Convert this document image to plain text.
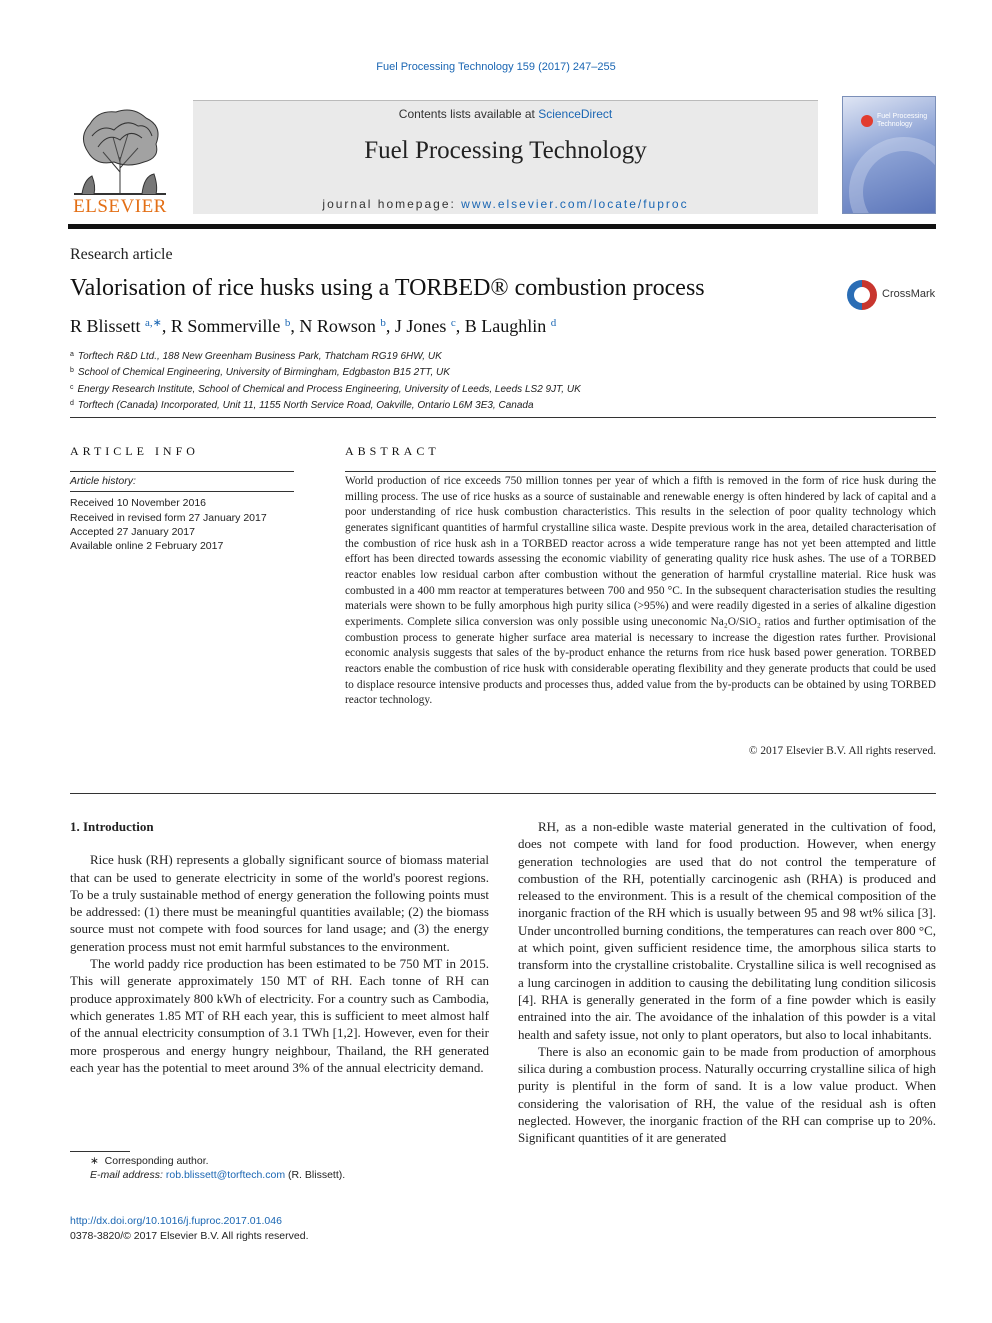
Fuel Processing Technology 159 (2017) 247–255
ELSEVIER
Contents lists available at ScienceDirect
Fuel Processing Technology
journal homepage: www.elsevier.com/locate/fuproc
Fuel Processing Technology
Research article
Valorisation of rice husks using a TORBED® combustion process	CrossMark
R Blissett $^{a,∗}$, R Sommerville $^b$, N Rowson $^b$, J Jones $^c$, B Laughlin $^d$
$^a$ Torftech R&D Ltd., 188 New Greenham Business Park, Thatcham RG19 6HW, UK
$^b$ School of Chemical Engineering, University of Birmingham, Edgbaston B15 2TT, UK
$^c$ Energy Research Institute, School of Chemical and Process Engineering, University of Leeds, Leeds LS2 9JT, UK
$^d$ Torftech (Canada) Incorporated, Unit 11, 1155 North Service Road, Oakville, Ontario L6M 3E3, Canada
ARTICLE INFO	ABSTRACT
Article history:
Received 10 November 2016
Received in revised form 27 January 2017
Accepted 27 January 2017
Available online 2 February 2017
World production of rice exceeds 750 million tonnes per year of which a fifth is removed in the form of rice husk during the milling process. The use of rice husks as a source of sustainable and renewable energy is often hindered by lack of capital and a poor understanding of rice husk combustion characteristics. This results in the selection of poor quality technology which generates significant quantities of harmful crystalline silica waste. Despite previous work in the area, detailed characterisation of the combustion of rice husk ash in a TORBED reactor across a wide temperature range has not yet been attempted and little effort has been directed towards assessing the economic viability of generating quality rice husk ashes. The use of a TORBED reactor enables low residual carbon after combustion without the generation of harmful crystalline material. Rice husk was combusted in a 400 mm reactor at temperatures between 700 and 950 °C. In the subsequent characterisation studies the resulting materials were shown to be fully amorphous high purity silica (>95%) and were readily digested in a series of alkaline digestion experiments. Complete silica conversion was only possible using uneconomic Na₂O/SiO₂ ratios and further optimisation of the combustion process to generate higher surface area material is necessary to increase the digestion rates further. Provisional economic analysis suggests that sales of the by-product enhance the returns from rice husk based power generation. TORBED reactors enable the combustion of rice husk with considerable operating flexibility and they generate products that could be used to displace resource intensive products and processes thus, added value from the by-products can be obtained by using TORBED reactor technology.
© 2017 Elsevier B.V. All rights reserved.
1. Introduction

Rice husk (RH) represents a globally significant source of biomass material that can be used to generate electricity in some of the world's poorest regions. To be a truly sustainable method of energy generation the following points must be addressed: (1) there must be meaningful quantities available; (2) the biomass source must not compete with food sources for land usage; and (3) the energy generation process must not emit harmful substances to the environment.

The world paddy rice production has been estimated to be 750 MT in 2015. This will generate approximately 150 MT of RH. Each tonne of RH can produce approximately 800 kWh of electricity. For a country such as Cambodia, which generates 1.85 MT of RH each year, this is sufficient to meet almost half of the annual electricity consumption of 3.1 TWh [1,2]. However, even for their more prosperous and energy hungry neighbour, Thailand, the RH generated each year has the potential to meet around 3% of the annual electricity demand.

RH, as a non-edible waste material generated in the cultivation of food, does not compete with land for food production. However, when energy generation technologies are used that do not control the temperature of combustion of the RH, potentially carcinogenic ash (RHA) is produced and released to the environment. This is a result of the chemical composition of the inorganic fraction of the RH which is usually between 95 and 98 wt% silica [3]. Under uncontrolled burning conditions, the temperatures can reach over 800 °C, at which point, given sufficient residence time, the amorphous silica starts to transform into the crystalline cristobalite. Crystalline silica is well recognised as a lung carcinogen in addition to causing the debilitating lung condition silicosis [4]. RHA is generally generated in the form of a fine powder which is easily entrained into the air. The avoidance of the inhalation of this powder is a vital health and safety issue, not only to plant operators, but also to local inhabitants.

There is also an economic gain to be made from production of amorphous silica during a combustion process. Naturally occurring crystalline silica of high purity is plentiful in the form of sand. It is a low value product. When considering the valorisation of RH, the value of the residual ash is often neglected. However, the inorganic fraction of the RH can comprise up to 20%. Significant quantities of it are generated

∗ Corresponding author.
E-mail address: rob.blissett@torftech.com (R. Blissett).
http://dx.doi.org/10.1016/j.fuproc.2017.01.046
0378-3820/© 2017 Elsevier B.V. All rights reserved.
